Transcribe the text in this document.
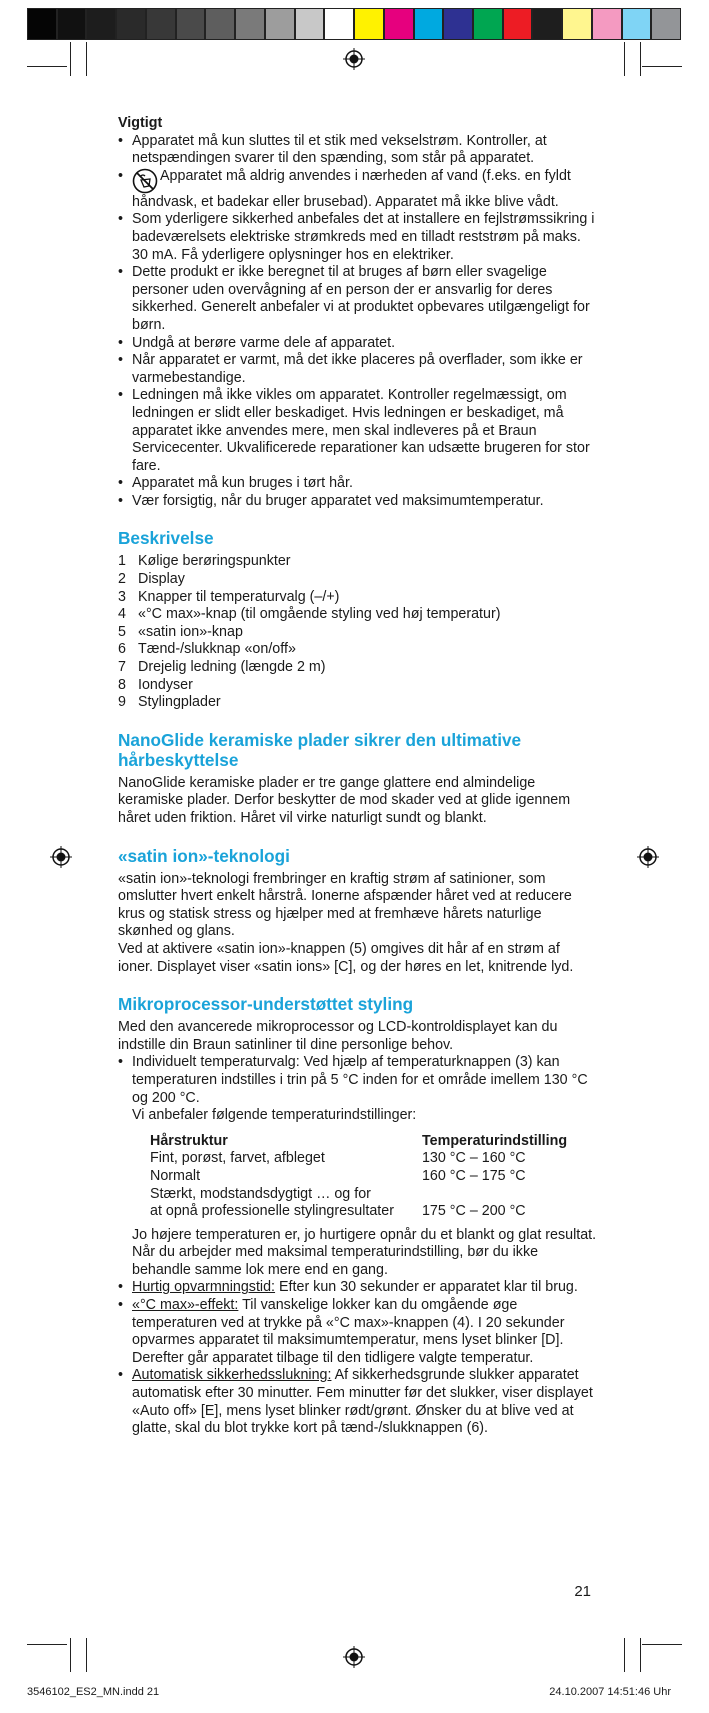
Vigtigt
• Apparatet må kun sluttes til et stik med vekselstrøm. Kontroller, at netspændingen svarer til den spænding, som står på apparatet.
•	Apparatet må aldrig anvendes i nærheden af vand (f.eks. en fyldt håndvask, et badekar eller brusebad). Apparatet må ikke blive vådt.
• Som yderligere sikkerhed anbefales det at installere en fejlstrømssikring i badeværelsets elektriske strømkreds med en tilladt reststrøm på maks. 30 mA. Få yderligere oplysninger hos en elektriker.
• Dette produkt er ikke beregnet til at bruges af børn eller svagelige personer uden overvågning af en person der er ansvarlig for deres sikkerhed. Generelt anbefaler vi at produktet opbevares utilgængeligt for børn.
• Undgå at berøre varme dele af apparatet.
• Når apparatet er varmt, må det ikke placeres på overflader, som ikke er varmebestandige.
• Ledningen må ikke vikles om apparatet. Kontroller regelmæssigt, om ledningen er slidt eller beskadiget. Hvis ledningen er beskadiget, må apparatet ikke anvendes mere, men skal indleveres på et Braun Servicecenter. Ukvalificerede reparationer kan udsætte brugeren for stor fare.
• Apparatet må kun bruges i tørt hår.
• Vær forsigtig, når du bruger apparatet ved maksimumtemperatur.
Beskrivelse
1 Kølige berøringspunkter
2 Display
3 Knapper til temperaturvalg (–/+)
4 «°C max»-knap (til omgående styling ved høj temperatur)
5 «satin ion»-knap
6 Tænd-/slukknap «on/off»
7 Drejelig ledning (længde 2 m)
8 Iondyser
9 Stylingplader
NanoGlide keramiske plader sikrer den ultimative hårbeskyttelse

NanoGlide keramiske plader er tre gange glattere end almindelige keramiske plader. Derfor beskytter de mod skader ved at glide igennem håret uden friktion. Håret vil virke naturligt sundt og blankt.

«satin ion»-teknologi

«satin ion»-teknologi frembringer en kraftig strøm af satinioner, som omslutter hvert enkelt hårstrå. Ionerne afspænder håret ved at reducere krus og statisk stress og hjælper med at fremhæve hårets naturlige skønhed og glans.

Ved at aktivere «satin ion»-knappen (5) omgives dit hår af en strøm af ioner. Displayet viser «satin ions» [C], og der høres en let, knitrende lyd.

Mikroprocessor-understøttet styling

Med den avancerede mikroprocessor og LCD-kontroldisplayet kan du indstille din Braun satinliner til dine personlige behov.

• Individuelt temperaturvalg: Ved hjælp af temperaturknappen (3) kan temperaturen indstilles i trin på 5 °C inden for et område imellem 130 °C og 200 °C.
Vi anbefaler følgende temperaturindstillinger:
Hårstruktur	Temperaturindstilling
Fint, porøst, farvet, afbleget	130 °C – 160 °C
Normalt	160 °C – 175 °C
Stærkt, modstandsdygtigt … og for	
at opnå professionelle stylingresultater	175 °C – 200 °C
Jo højere temperaturen er, jo hurtigere opnår du et blankt og glat resultat. Når du arbejder med maksimal temperaturindstilling, bør du ikke behandle samme lok mere end en gang.
• Hurtig opvarmningstid: Efter kun 30 sekunder er apparatet klar til brug.
• «°C max»-effekt: Til vanskelige lokker kan du omgående øge temperaturen ved at trykke på «°C max»-knappen (4). I 20 sekunder opvarmes apparatet til maksimumtemperatur, mens lyset blinker [D]. Derefter går apparatet tilbage til den tidligere valgte temperatur.
• Automatisk sikkerhedsslukning: Af sikkerhedsgrunde slukker apparatet automatisk efter 30 minutter. Fem minutter før det slukker, viser displayet «Auto off» [E], mens lyset blinker rødt/grønt. Ønsker du at blive ved at glatte, skal du blot trykke kort på tænd-/slukknappen (6).
21
3546102_ES2_MN.indd 21	24.10.2007 14:51:46 Uhr
